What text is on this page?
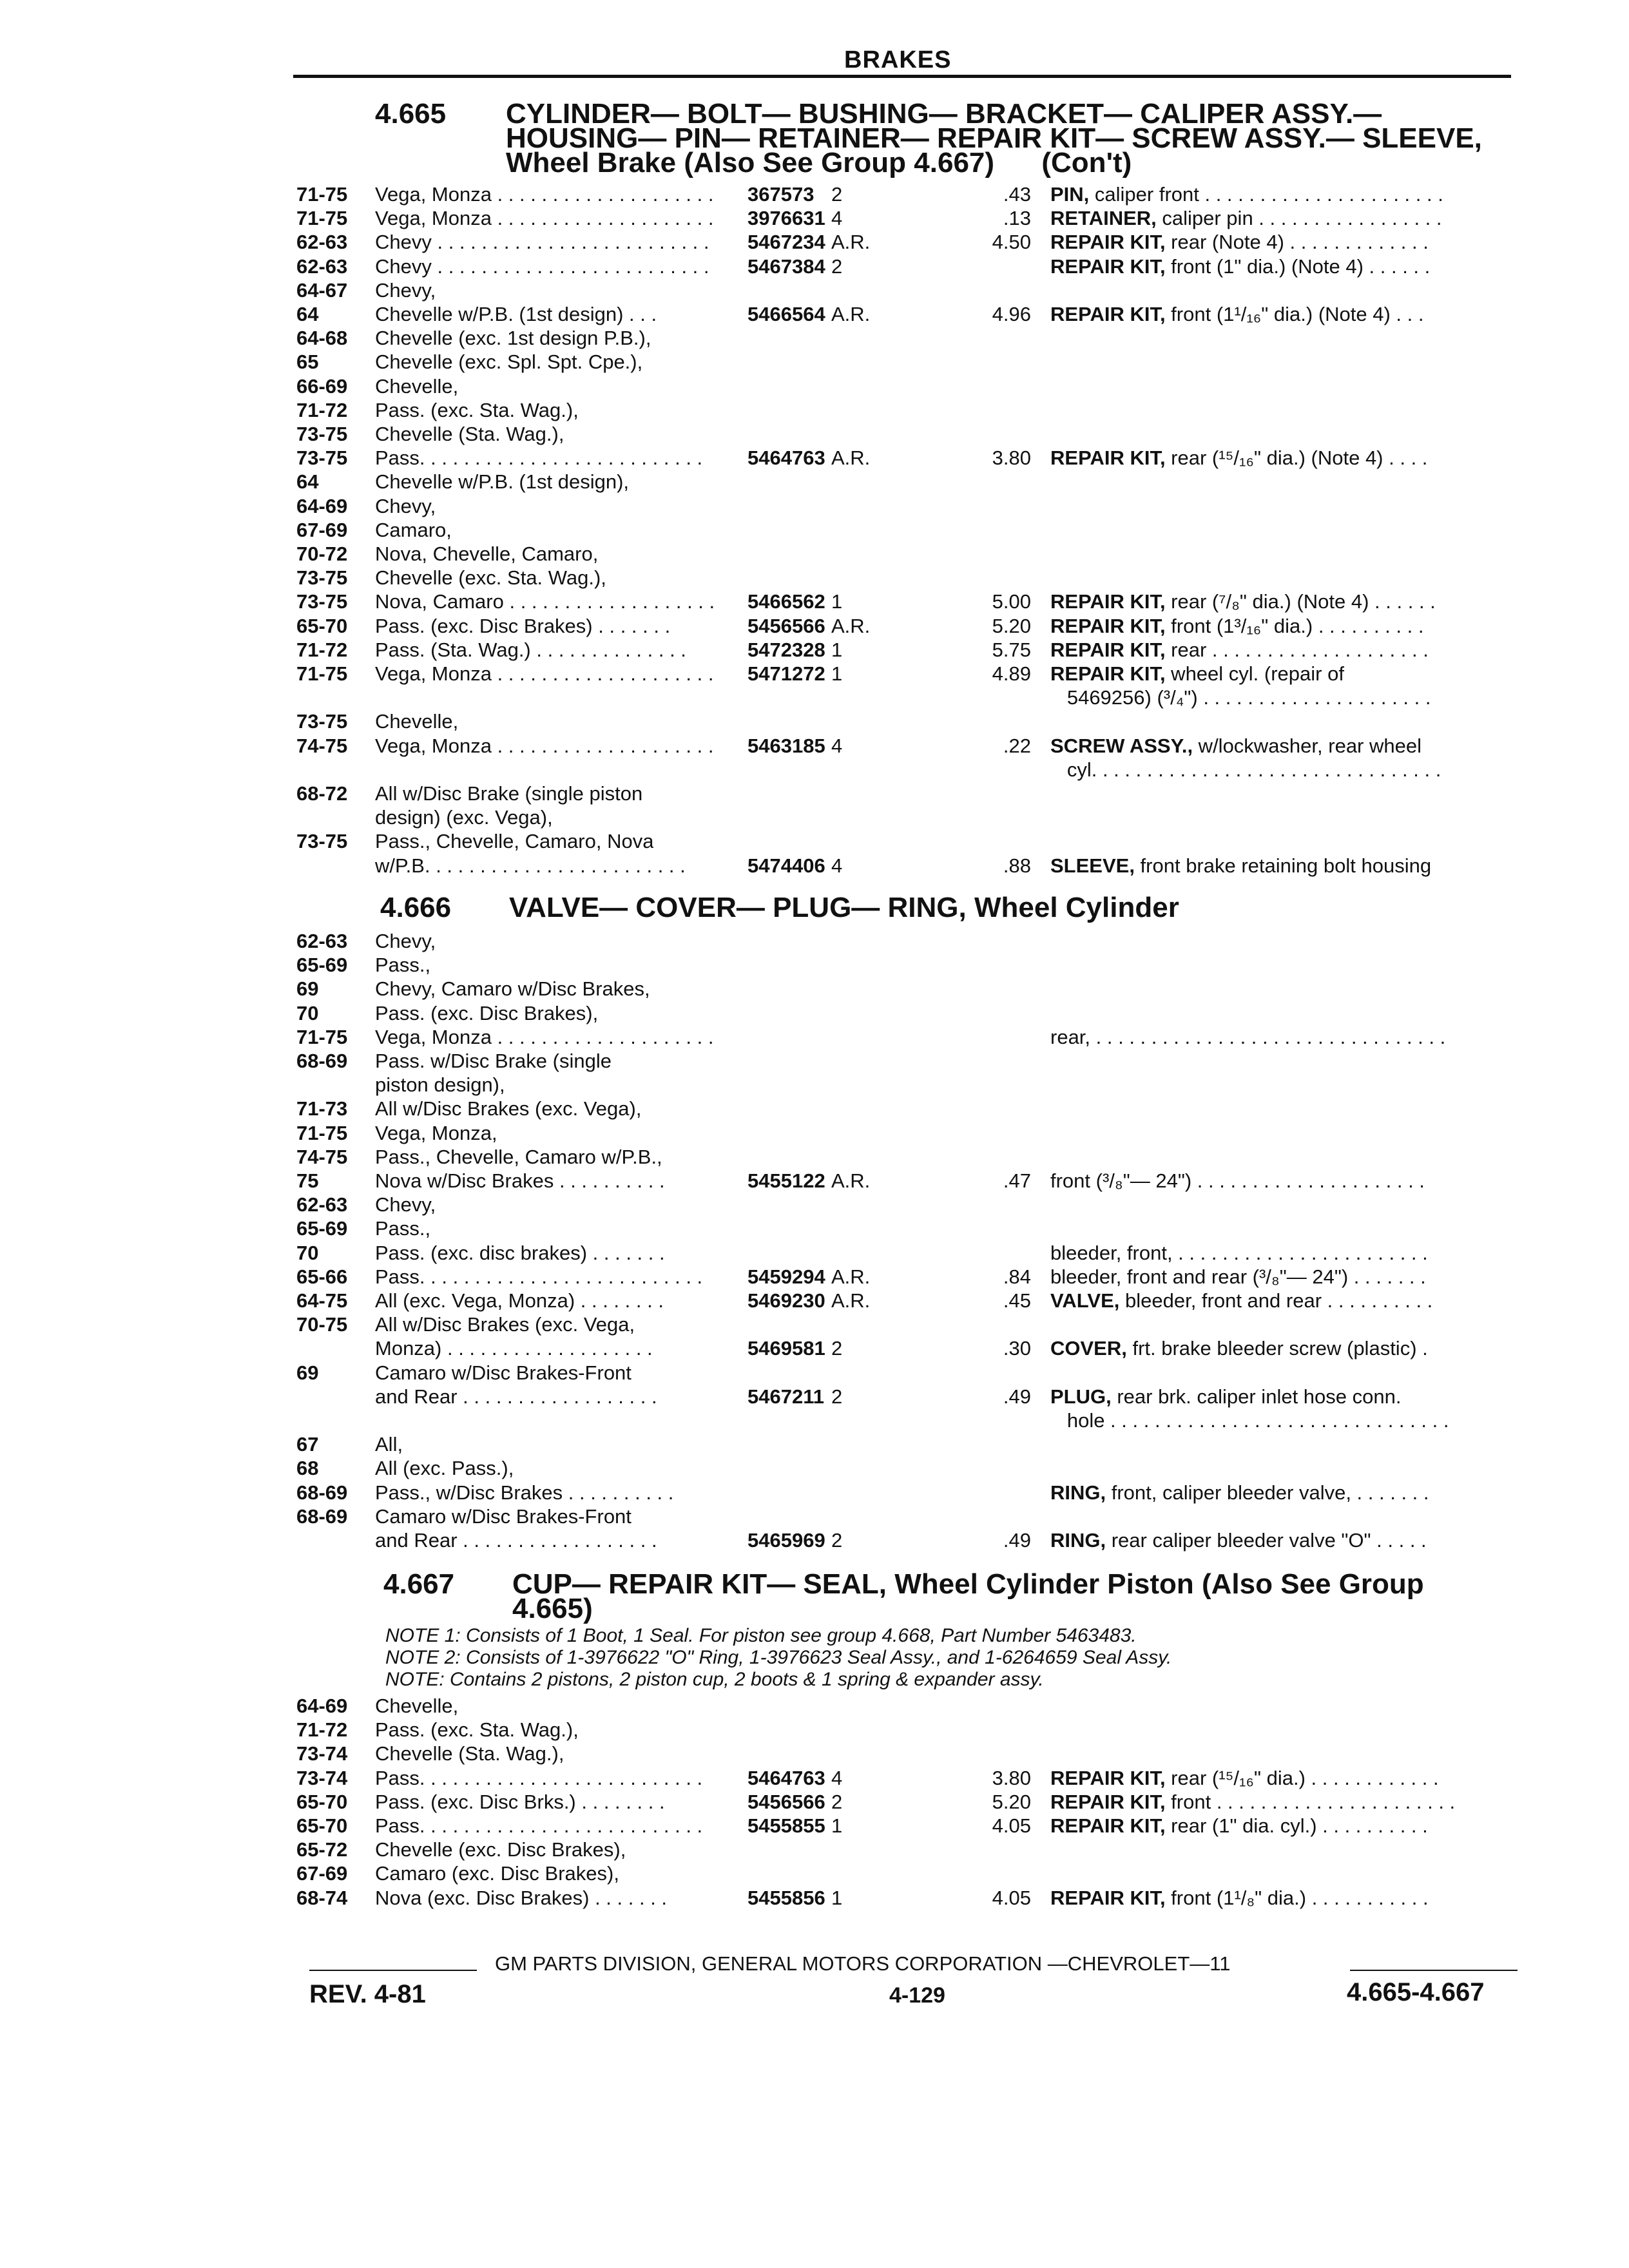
BRAKES
4.665 CYLINDER— BOLT— BUSHING— BRACKET— CALIPER ASSY.—
HOUSING— PIN— RETAINER— REPAIR KIT— SCREW ASSY.— SLEEVE,
Wheel Brake (Also See Group 4.667)      (Con't)
71-75 Vega, Monza . . . . . . . . . . . . . . . . . . . . 367573 2	.43 PIN, caliper front . . . . . . . . . . . . . . . . . . . . . .
71-75 Vega, Monza . . . . . . . . . . . . . . . . . . . . 3976631 4	.13 RETAINER, caliper pin . . . . . . . . . . . . . . . . .
62-63 Chevy . . . . . . . . . . . . . . . . . . . . . . . . . 5467234 A.R.	4.50 REPAIR KIT, rear (Note 4) . . . . . . . . . . . . .
62-63 Chevy . . . . . . . . . . . . . . . . . . . . . . . . . 5467384 2	REPAIR KIT, front (1" dia.) (Note 4) . . . . . .
64-67 Chevy,
64	Chevelle w/P.B. (1st design) . . .	5466564 A.R.	4.96 REPAIR KIT, front (1¹/₁₆" dia.) (Note 4) . . .
64-68 Chevelle (exc. 1st design P.B.),
65	Chevelle (exc. Spl. Spt. Cpe.),
66-69 Chevelle,
71-72 Pass. (exc. Sta. Wag.),
73-75 Chevelle (Sta. Wag.),
73-75 Pass. . . . . . . . . . . . . . . . . . . . . . . . . . 5464763 A.R.	3.80 REPAIR KIT, rear (¹⁵/₁₆" dia.) (Note 4) . . . .
64	Chevelle w/P.B. (1st design),
64-69 Chevy,
67-69 Camaro,
70-72 Nova, Chevelle, Camaro,
73-75 Chevelle (exc. Sta. Wag.),
73-75 Nova, Camaro . . . . . . . . . . . . . . . . . . . 5466562 1	5.00 REPAIR KIT, rear (⁷/₈" dia.) (Note 4) . . . . . .
65-70 Pass. (exc. Disc Brakes) . . . . . . .	5456566 A.R.	5.20 REPAIR KIT, front (1³/₁₆" dia.) . . . . . . . . . .
71-72 Pass. (Sta. Wag.) . . . . . . . . . . . . . .	5472328 1	5.75 REPAIR KIT, rear . . . . . . . . . . . . . . . . . . . .
71-75 Vega, Monza . . . . . . . . . . . . . . . . . . . . 5471272 1	4.89 REPAIR KIT, wheel cyl. (repair of
5469256) (³/₄") . . . . . . . . . . . . . . . . . . . . .
73-75 Chevelle,
74-75 Vega, Monza . . . . . . . . . . . . . . . . . . . . 5463185 4	.22 SCREW ASSY., w/lockwasher, rear wheel
cyl. . . . . . . . . . . . . . . . . . . . . . . . . . . . . . . .
68-72 All w/Disc Brake (single piston
design) (exc. Vega),
73-75 Pass., Chevelle, Camaro, Nova
w/P.B. . . . . . . . . . . . . . . . . . . . . . . .	5474406 4	.88 SLEEVE, front brake retaining bolt housing
4.666 VALVE— COVER— PLUG— RING, Wheel Cylinder
62-63 Chevy,
65-69 Pass.,
69	Chevy, Camaro w/Disc Brakes,
70	Pass. (exc. Disc Brakes),
71-75 Vega, Monza . . . . . . . . . . . . . . . . . . . .	rear, . . . . . . . . . . . . . . . . . . . . . . . . . . . . . . . .
68-69 Pass. w/Disc Brake (single
piston design),
71-73 All w/Disc Brakes (exc. Vega),
71-75 Vega, Monza,
74-75 Pass., Chevelle, Camaro w/P.B.,
75	Nova w/Disc Brakes . . . . . . . . . .	5455122 A.R.	.47 front (³/₈"— 24") . . . . . . . . . . . . . . . . . . . . .
62-63 Chevy,
65-69 Pass.,
70	Pass. (exc. disc brakes) . . . . . . .	bleeder, front, . . . . . . . . . . . . . . . . . . . . . . .
65-66 Pass. . . . . . . . . . . . . . . . . . . . . . . . . . 5459294 A.R.	.84 bleeder, front and rear (³/₈"— 24") . . . . . . .
64-75 All (exc. Vega, Monza) . . . . . . . .	5469230 A.R.	.45 VALVE, bleeder, front and rear . . . . . . . . . .
70-75 All w/Disc Brakes (exc. Vega,
Monza) . . . . . . . . . . . . . . . . . . .	5469581 2	.30 COVER, frt. brake bleeder screw (plastic) .
69	Camaro w/Disc Brakes-Front
and Rear . . . . . . . . . . . . . . . . . .	5467211 2	.49 PLUG, rear brk. caliper inlet hose conn.
hole . . . . . . . . . . . . . . . . . . . . . . . . . . . . . . .
67	All,
68	All (exc. Pass.),
68-69 Pass., w/Disc Brakes . . . . . . . . . .	RING, front, caliper bleeder valve, . . . . . . .
68-69 Camaro w/Disc Brakes-Front
and Rear . . . . . . . . . . . . . . . . . .	5465969 2	.49 RING, rear caliper bleeder valve "O" . . . . .
4.667 CUP— REPAIR KIT— SEAL, Wheel Cylinder Piston (Also See Group
4.665)
NOTE 1: Consists of 1 Boot, 1 Seal. For piston see group 4.668, Part Number 5463483.
NOTE 2: Consists of 1-3976622 "O" Ring, 1-3976623 Seal Assy., and 1-6264659 Seal Assy.
NOTE: Contains 2 pistons, 2 piston cup, 2 boots & 1 spring & expander assy.
64-69 Chevelle,
71-72 Pass. (exc. Sta. Wag.),
73-74 Chevelle (Sta. Wag.),
73-74 Pass. . . . . . . . . . . . . . . . . . . . . . . . . . 5464763 4	3.80 REPAIR KIT, rear (¹⁵/₁₆" dia.) . . . . . . . . . . . .
65-70 Pass. (exc. Disc Brks.) . . . . . . . .	5456566 2	5.20 REPAIR KIT, front . . . . . . . . . . . . . . . . . . . . . .
65-70 Pass. . . . . . . . . . . . . . . . . . . . . . . . . . 5455855 1	4.05 REPAIR KIT, rear (1" dia. cyl.) . . . . . . . . . .
65-72 Chevelle (exc. Disc Brakes),
67-69 Camaro (exc. Disc Brakes),
68-74 Nova (exc. Disc Brakes) . . . . . . .	5455856 1	4.05 REPAIR KIT, front (1¹/₈" dia.) . . . . . . . . . . .
GM PARTS DIVISION, GENERAL MOTORS CORPORATION —CHEVROLET—11
REV. 4-81	4-129	4.665-4.667
